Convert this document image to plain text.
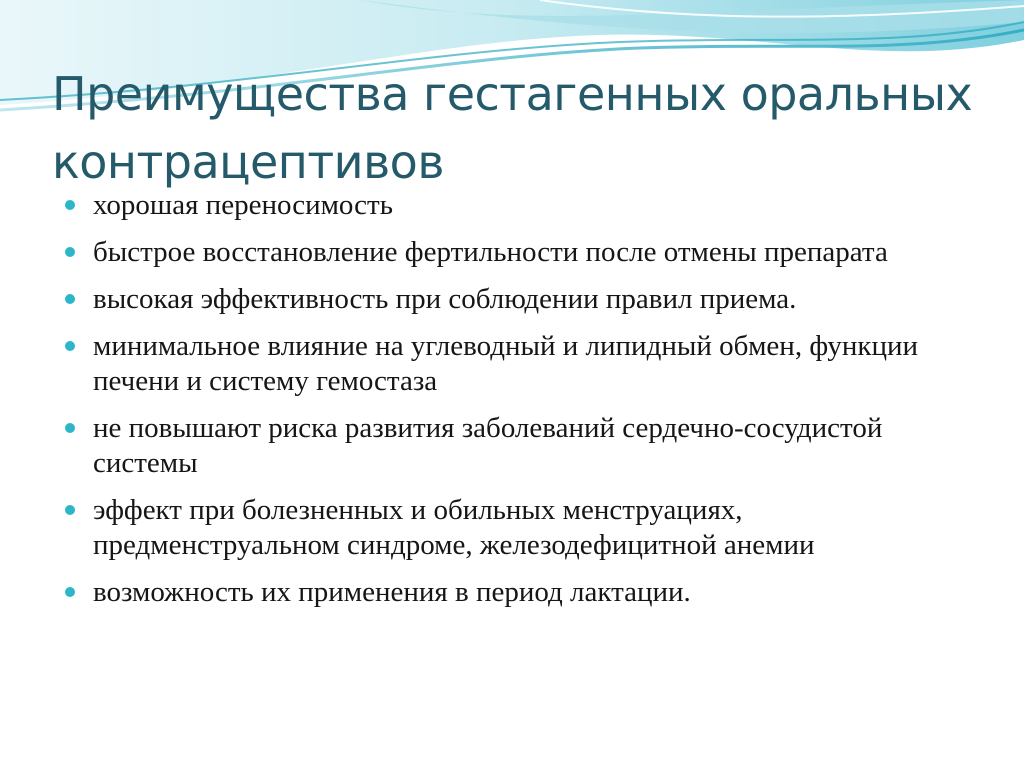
Преимущества гестагенных оральных контрацептивов
хорошая переносимость
быстрое восстановление фертильности после отмены препарата
высокая эффективность при соблюдении правил приема.
минимальное влияние на углеводный и липидный обмен, функции печени и систему гемостаза
не повышают риска развития заболеваний сердечно-сосудистой системы
эффект при болезненных и обильных менструациях, предменструальном синдроме, железодефицитной анемии
возможность их применения в период лактации.
